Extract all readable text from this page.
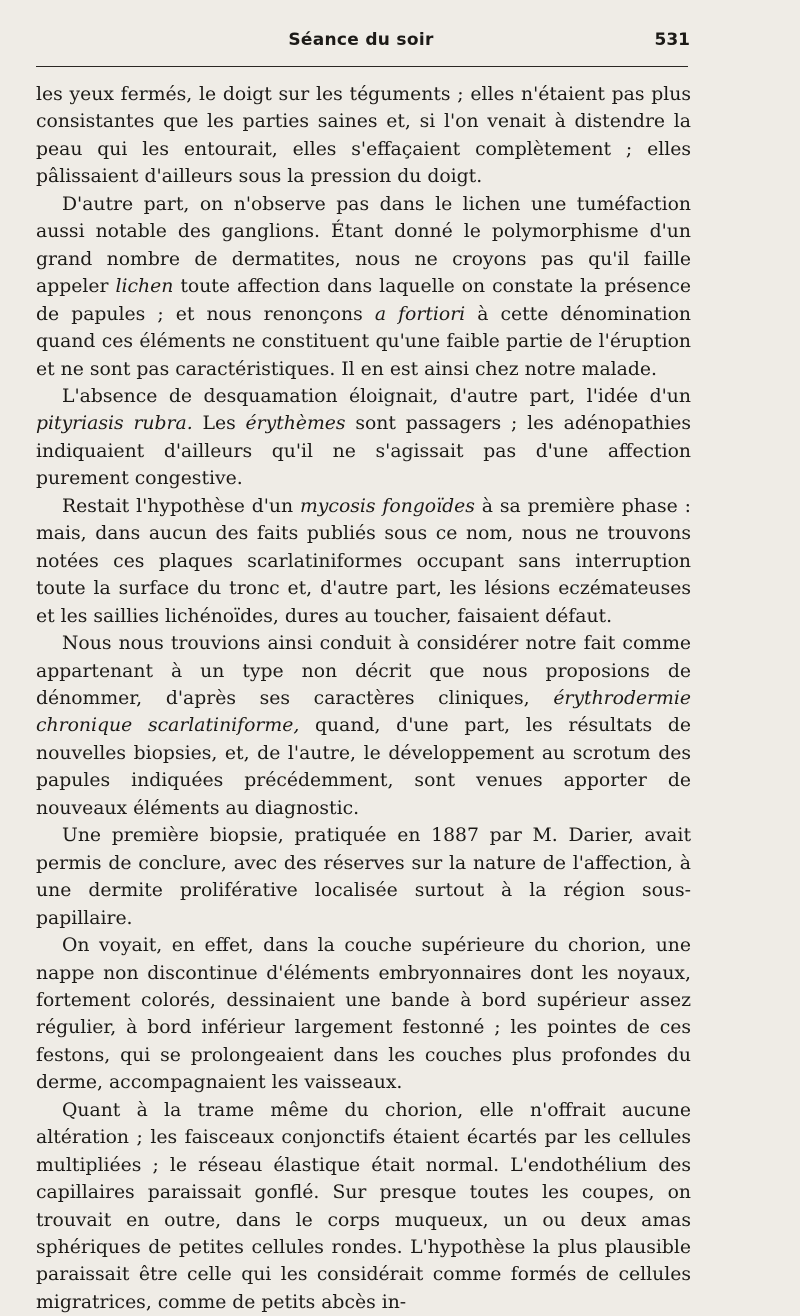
Séance du soir	531

les yeux fermés, le doigt sur les téguments ; elles n'étaient pas plus consistantes que les parties saines et, si l'on venait à distendre la peau qui les entourait, elles s'effaçaient complètement ; elles pâlissaient d'ailleurs sous la pression du doigt.

D'autre part, on n'observe pas dans le lichen une tuméfaction aussi notable des ganglions. Étant donné le polymorphisme d'un grand nombre de dermatites, nous ne croyons pas qu'il faille appeler lichen toute affection dans laquelle on constate la présence de papules ; et nous renonçons a fortiori à cette dénomination quand ces éléments ne constituent qu'une faible partie de l'éruption et ne sont pas caractéristiques. Il en est ainsi chez notre malade.

L'absence de desquamation éloignait, d'autre part, l'idée d'un pityriasis rubra. Les érythèmes sont passagers ; les adénopathies indiquaient d'ailleurs qu'il ne s'agissait pas d'une affection purement congestive.

Restait l'hypothèse d'un mycosis fongoïdes à sa première phase : mais, dans aucun des faits publiés sous ce nom, nous ne trouvons notées ces plaques scarlatiniformes occupant sans interruption toute la surface du tronc et, d'autre part, les lésions eczémateuses et les saillies lichénoïdes, dures au toucher, faisaient défaut.

Nous nous trouvions ainsi conduit à considérer notre fait comme appartenant à un type non décrit que nous proposions de dénommer, d'après ses caractères cliniques, érythrodermie chronique scarlatiniforme, quand, d'une part, les résultats de nouvelles biopsies, et, de l'autre, le développement au scrotum des papules indiquées précédemment, sont venues apporter de nouveaux éléments au diagnostic.

Une première biopsie, pratiquée en 1887 par M. Darier, avait permis de conclure, avec des réserves sur la nature de l'affection, à une dermite proliférative localisée surtout à la région sous-papillaire.

On voyait, en effet, dans la couche supérieure du chorion, une nappe non discontinue d'éléments embryonnaires dont les noyaux, fortement colorés, dessinaient une bande à bord supérieur assez régulier, à bord inférieur largement festonné ; les pointes de ces festons, qui se prolongeaient dans les couches plus profondes du derme, accompagnaient les vaisseaux.

Quant à la trame même du chorion, elle n'offrait aucune altération ; les faisceaux conjonctifs étaient écartés par les cellules multipliées ; le réseau élastique était normal. L'endothélium des capillaires paraissait gonflé. Sur presque toutes les coupes, on trouvait en outre, dans le corps muqueux, un ou deux amas sphériques de petites cellules rondes. L'hypothèse la plus plausible paraissait être celle qui les considérait comme formés de cellules migratrices, comme de petits abcès in-
